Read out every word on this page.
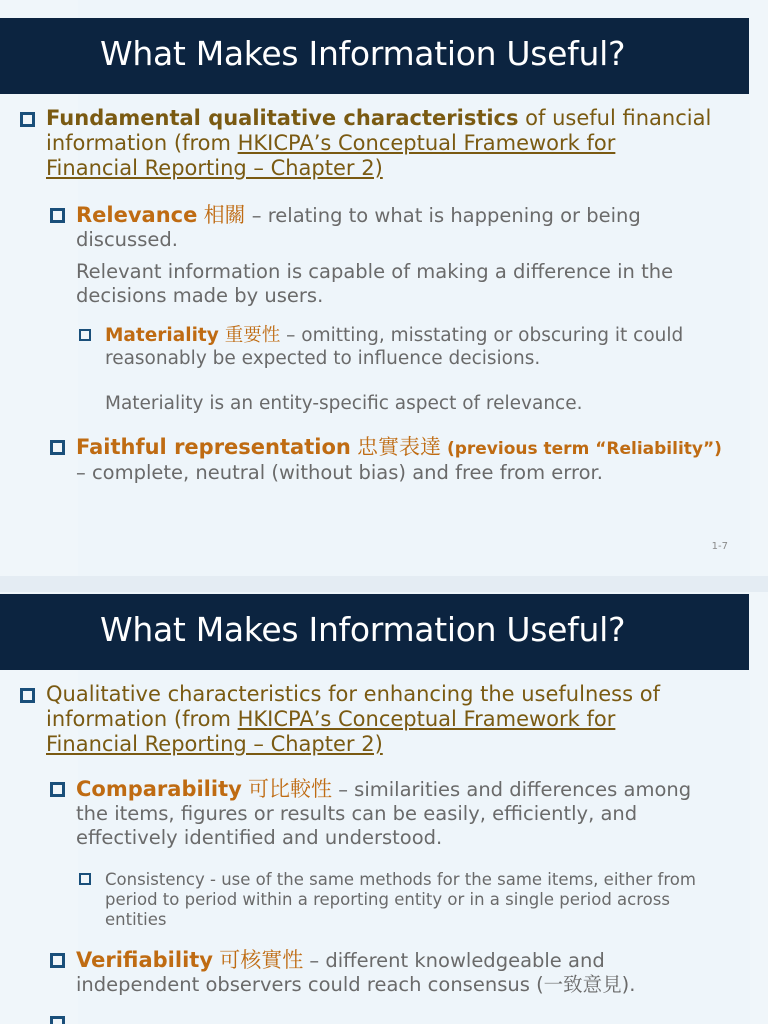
What Makes Information Useful?
Fundamental qualitative characteristics of useful financial information (from HKICPA’s Conceptual Framework for Financial Reporting – Chapter 2)
Relevance 相關 – relating to what is happening or being discussed.
Relevant information is capable of making a difference in the decisions made by users.
Materiality 重要性 – omitting, misstating or obscuring it could reasonably be expected to influence decisions.
Materiality is an entity-specific aspect of relevance.
Faithful representation 忠實表達 (previous term “Reliability”)
– complete, neutral (without bias) and free from error.
1-7
What Makes Information Useful?
Qualitative characteristics for enhancing the usefulness of information (from HKICPA’s Conceptual Framework for Financial Reporting – Chapter 2)
Comparability 可比較性 – similarities and differences among the items, figures or results can be easily, efficiently, and effectively identified and understood.
Consistency - use of the same methods for the same items, either from period to period within a reporting entity or in a single period across entities
Verifiability 可核實性 – different knowledgeable and independent observers could reach consensus (一致意見).
